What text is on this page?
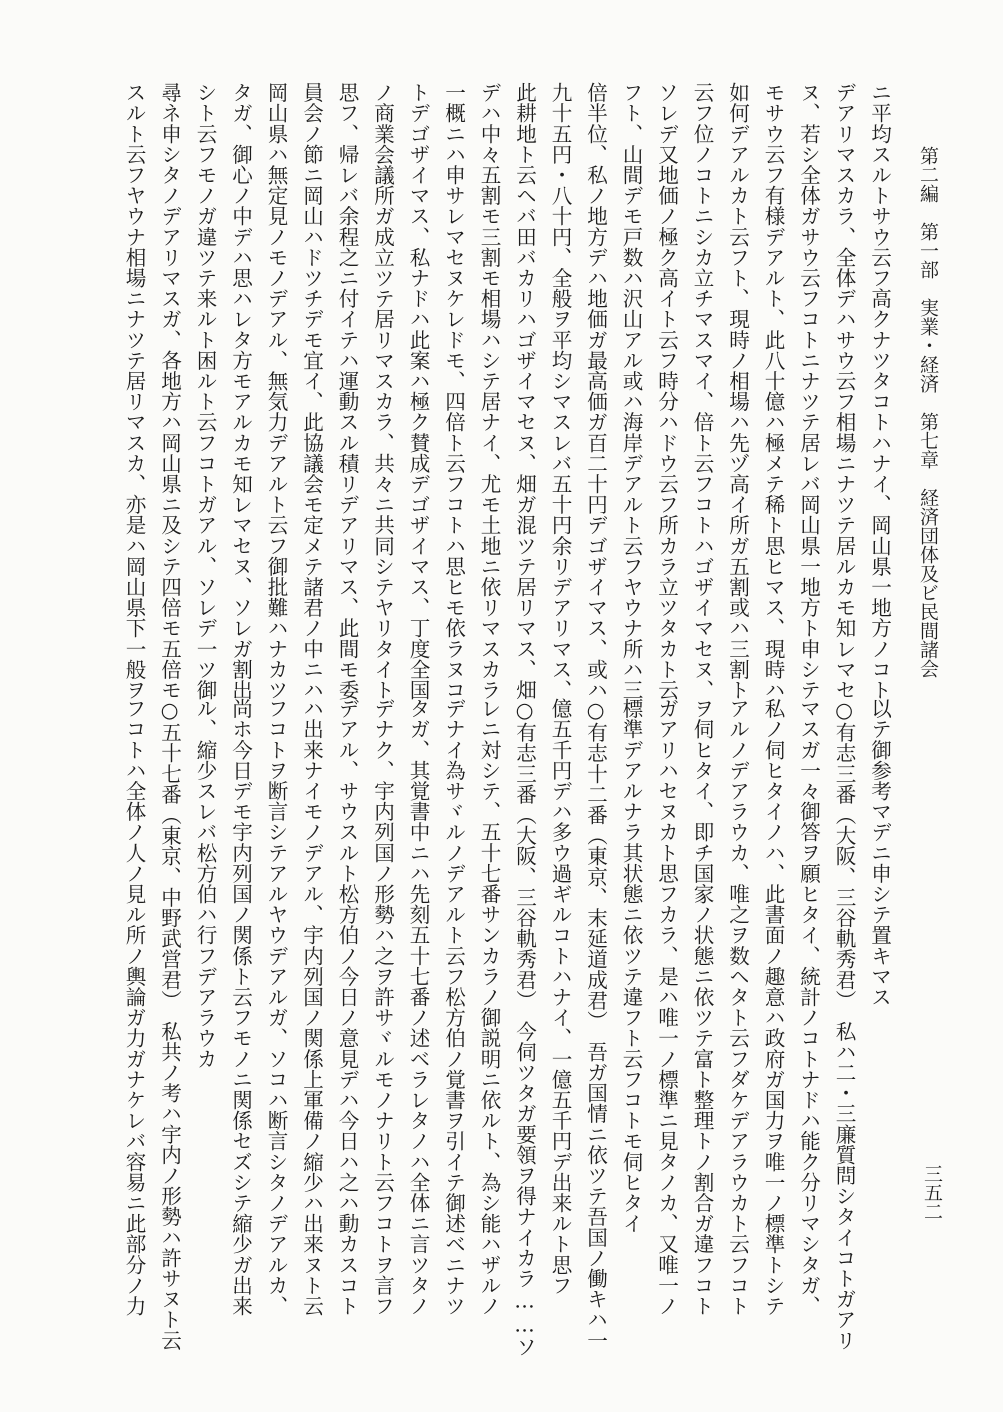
第二編　第一部　実業・経済　第七章　経済団体及ビ民間諸会
三五二
ニ平均スルトサウ云フ高クナツタコトハナイ、岡山県一地方ノコト
デアリマスカラ、全体デハサウ云フ相場ニナツテ居ルカモ知レマセ
ヌ、若シ全体ガサウ云フコトニナツテ居レバ岡山県一地方ト申シテ
モサウ云フ有様デアルト、此八十億ハ極メテ稀ト思ヒマス、現時ハ
如何デアルカト云フト、現時ノ相場ハ先ヅ高イ所ガ五割或ハ三割ト
云フ位ノコトニシカ立チマスマイ、倍ト云フコトハゴザイマセヌ、
ソレデ又地価ノ極ク高イト云フ時分ハドウ云フ所カラ立ツタカト云
フト、山間デモ戸数ハ沢山アル或ハ海岸デアルト云フヤウナ所ハ三
倍半位、私ノ地方デハ地価ガ最高価ガ百二十円デゴザイマス、或ハ
九十五円・八十円、全般ヲ平均シマスレバ五十円余リデアリマス、
此耕地ト云ヘバ田バカリハゴザイマセヌ、畑ガ混ツテ居リマス、畑
デハ中々五割モ三割モ相場ハシテ居ナイ、尤モ土地ニ依リマスカラ
一概ニハ申サレマセヌケレドモ、四倍ト云フコトハ思ヒモ依ラヌコ
トデゴザイマス、私ナドハ此案ハ極ク賛成デゴザイマス、丁度全国
ノ商業会議所ガ成立ツテ居リマスカラ、共々ニ共同シテヤリタイト
思フ、帰レバ余程之ニ付イテハ運動スル積リデアリマス、此間モ委
員会ノ節ニ岡山ハドツチデモ宜イ、此協議会モ定メテ諸君ノ中ニハ
岡山県ハ無定見ノモノデアル、無気力デアルト云フ御批難ハナカツ
タガ、御心ノ中デハ思ハレタ方モアルカモ知レマセヌ、ソレガ割出
シト云フモノガ違ツテ来ルト困ルト云フコトガアル、ソレデ一ツ御
尋ネ申シタノデアリマスガ、各地方ハ岡山県ニ及シテ四倍モ五倍モ
スルト云フヤウナ相場ニナツテ居リマスカ、亦是ハ岡山県下一般ヲ
以テ御参考マデニ申シテ置キマス
○有志三番（大阪、三谷軌秀君）　私ハ二・三廉質問シタイコトガアリ
マスガ一々御答ヲ願ヒタイ、統計ノコトナドハ能ク分リマシタガ、
私ノ伺ヒタイノハ、此書面ノ趣意ハ政府ガ国力ヲ唯一ノ標準トシテ
アルノデアラウカ、唯之ヲ数ヘタト云フダケデアラウカト云フコト
ヲ伺ヒタイ、即チ国家ノ状態ニ依ツテ富ト整理トノ割合ガ違フコト
ガアリハセヌカト思フカラ、是ハ唯一ノ標準ニ見タノカ、又唯一ノ
標準デアルナラ其状態ニ依ツテ違フト云フコトモ伺ヒタイ
○有志十二番（東京、末延道成君）　吾ガ国情ニ依ツテ吾国ノ働キハ一
億五千円デハ多ウ過ギルコトハナイ、一億五千円デ出来ルト思フ
○有志三番（大阪、三谷軌秀君）　今伺ツタガ要領ヲ得ナイカラ……ソ
レニ対シテ、五十七番サンカラノ御説明ニ依ルト、為シ能ハザルノ
デナイ為サヾルノデアルト云フ松方伯ノ覚書ヲ引イテ御述ベニナツ
タガ、其覚書中ニハ先刻五十七番ノ述ベラレタノハ全体ニ言ツタノ
デナク、宇内列国ノ形勢ハ之ヲ許サヾルモノナリト云フコトヲ言フ
デアル、サウスルト松方伯ノ今日ノ意見デハ今日ハ之ハ動カスコト
ハ出来ナイモノデアル、宇内列国ノ関係上軍備ノ縮少ハ出来ヌト云
フコトヲ断言シテアルヤウデアルガ、ソコハ断言シタノデアルカ、
尚ホ今日デモ宇内列国ノ関係ト云フモノニ関係セズシテ縮少ガ出来
ル、縮少スレバ松方伯ハ行フデアラウカ
○五十七番（東京、中野武営君）　私共ノ考ハ宇内ノ形勢ハ許サヌト云
フコトハ全体ノ人ノ見ル所ノ輿論ガ力ガナケレバ容易ニ此部分ノ力
